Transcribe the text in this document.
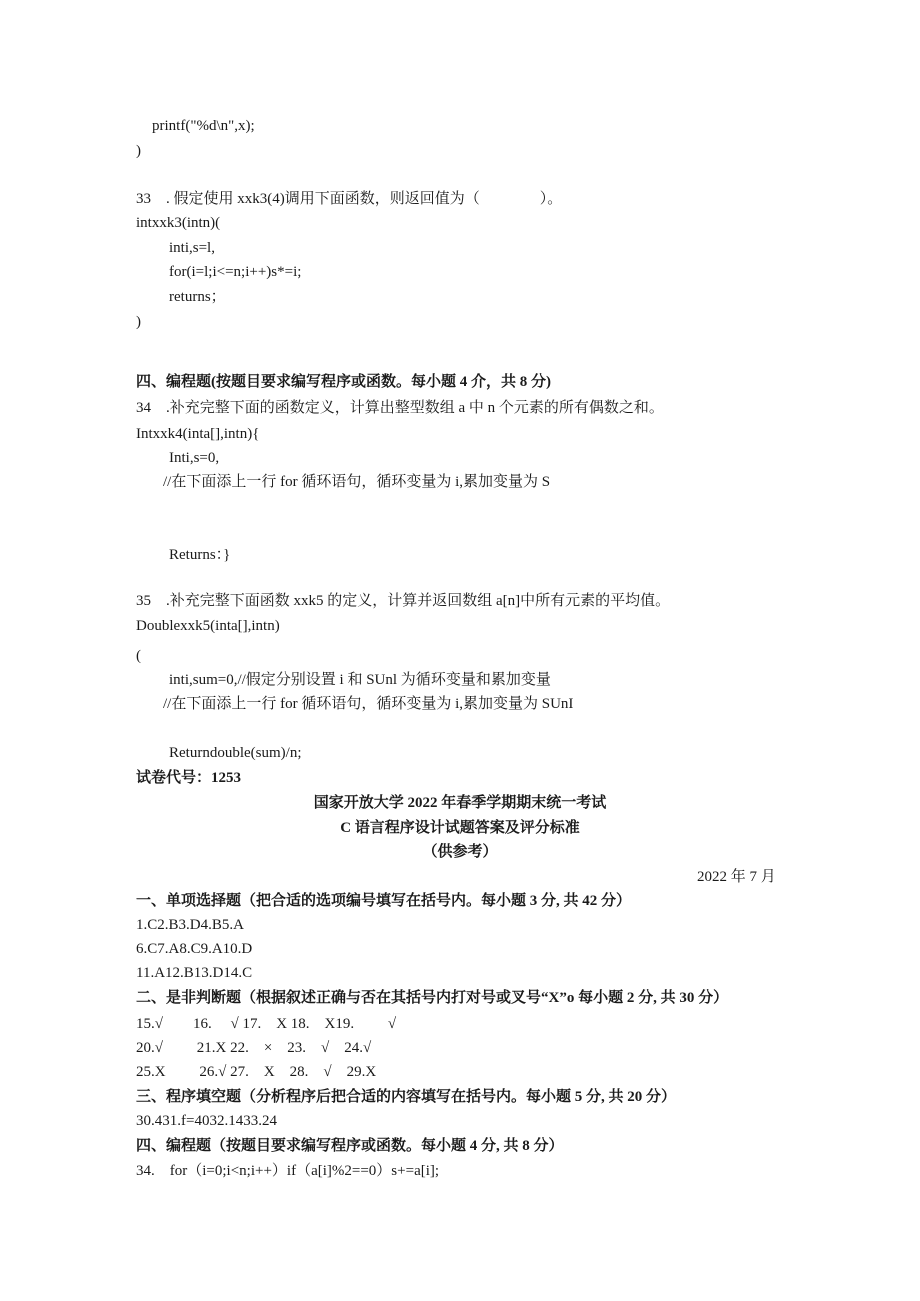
printf("%d\n",x);
)
33　. 假定使用 xxk3(4)调用下面函数，则返回值为（	）。
intxxk3(intn)(
inti,s=l,
for(i=l;i<=n;i++)s*=i;
returns；
)
四、编程题(按题目要求编写程序或函数。每小题 4 介，共 8 分)
34　.补充完整下面的函数定义，计算出整型数组 a 中 n 个元素的所有偶数之和。
Intxxk4(inta[],intn){
Inti,s=0,
//在下面添上一行 for 循环语句，循环变量为 i,累加变量为 S
Returns：}
35　.补充完整下面函数 xxk5 的定义，计算并返回数组 a[n]中所有元素的平均值。
Doublexxk5(inta[],intn)
(
inti,sum=0,//假定分别设置 i 和 SUnl 为循环变量和累加变量
//在下面添上一行 for 循环语句，循环变量为 i,累加变量为 SUnI
Returndouble(sum)/n;
试卷代号：1253
国家开放大学 2022 年春季学期期末统一考试
C 语言程序设计试题答案及评分标准
（供参考）
2022 年 7 月
一、单项选择题（把合适的选项编号填写在括号内。每小题 3 分, 共 42 分）
1.C2.B3.D4.B5.A
6.C7.A8.C9.A10.D
11.A12.B13.D14.C
二、是非判断题（根据叙述正确与否在其括号内打对号或叉号“X”o 每小题 2 分, 共 30 分）
15.√　　16.　 √ 17.　X 18.　X19.　　 √
20.√　　 21.X 22.　×　23.　√　24.√
25.X　　 26.√ 27.　X　28.　√　29.X
三、程序填空题（分析程序后把合适的内容填写在括号内。每小题 5 分, 共 20 分）
30.431.f=4032.1433.24
四、编程题（按题目要求编写程序或函数。每小题 4 分, 共 8 分）
34.　for（i=0;i<n;i++）if（a[i]%2==0）s+=a[i];
